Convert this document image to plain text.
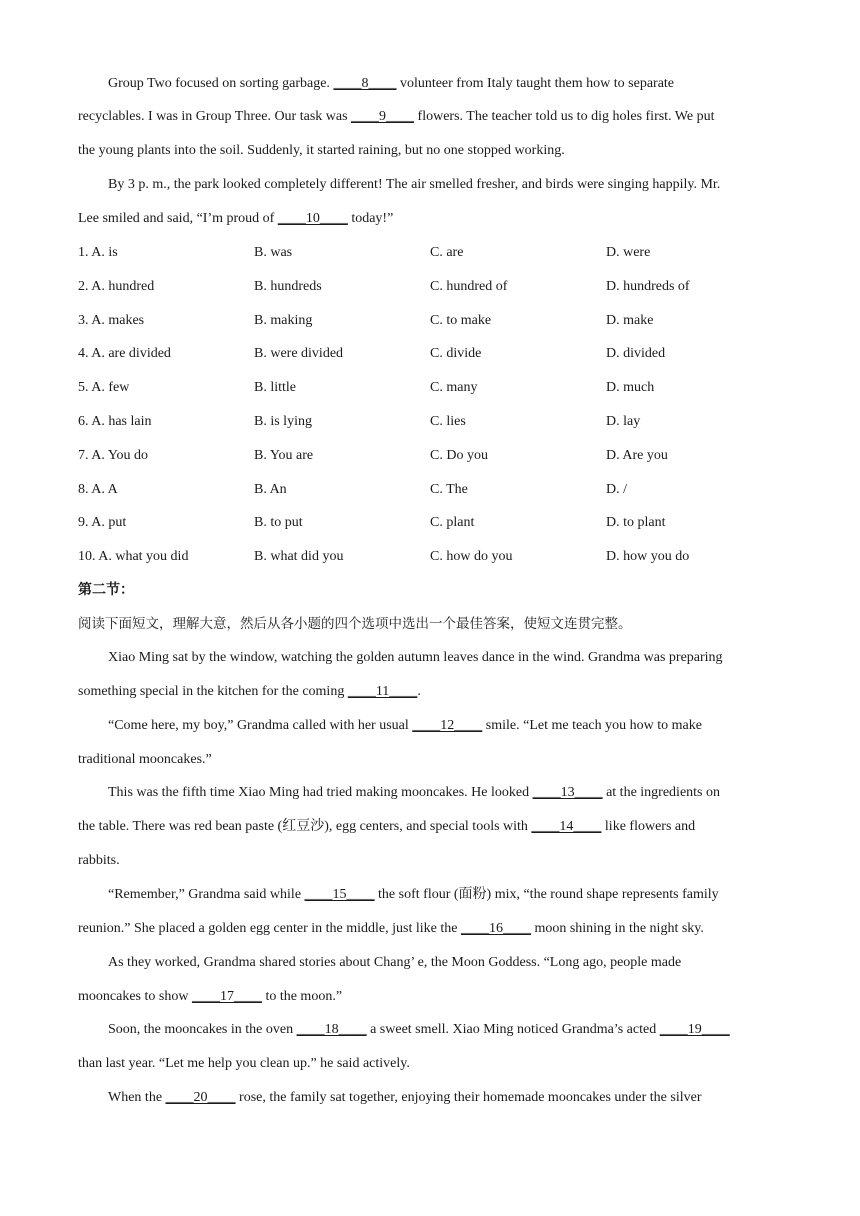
Group Two focused on sorting garbage. ____8____ volunteer from Italy taught them how to separate
recyclables. I was in Group Three. Our task was ____9____ flowers. The teacher told us to dig holes first. We put
the young plants into the soil. Suddenly, it started raining, but no one stopped working.
By 3 p. m., the park looked completely different! The air smelled fresher, and birds were singing happily. Mr.
Lee smiled and said, “I’m proud of ____10____ today!”
1. A. is	B. was	C. are	D. were
2. A. hundred	B. hundreds	C. hundred of	D. hundreds of
3. A. makes	B. making	C. to make	D. make
4. A. are divided	B. were divided	C. divide	D. divided
5. A. few	B. little	C. many	D. much
6. A. has lain	B. is lying	C. lies	D. lay
7. A. You do	B. You are	C. Do you	D. Are you
8. A. A	B. An	C. The	D. /
9. A. put	B. to put	C. plant	D. to plant
10. A. what you did	B. what did you	C. how do you	D. how you do
第二节：
阅读下面短文，理解大意，然后从各小题的四个选项中选出一个最佳答案，使短文连贯完整。
Xiao Ming sat by the window, watching the golden autumn leaves dance in the wind. Grandma was preparing
something special in the kitchen for the coming ____11____.
“Come here, my boy,” Grandma called with her usual ____12____ smile. “Let me teach you how to make
traditional mooncakes.”
This was the fifth time Xiao Ming had tried making mooncakes. He looked ____13____ at the ingredients on
the table. There was red bean paste (红豆沙), egg centers, and special tools with ____14____ like flowers and
rabbits.
“Remember,” Grandma said while ____15____ the soft flour (面粉) mix, “the round shape represents family
reunion.” She placed a golden egg center in the middle, just like the ____16____ moon shining in the night sky.
As they worked, Grandma shared stories about Chang’ e, the Moon Goddess. “Long ago, people made
mooncakes to show ____17____ to the moon.”
Soon, the mooncakes in the oven ____18____ a sweet smell. Xiao Ming noticed Grandma’s acted ____19____
than last year. “Let me help you clean up.” he said actively.
When the ____20____ rose, the family sat together, enjoying their homemade mooncakes under the silver
